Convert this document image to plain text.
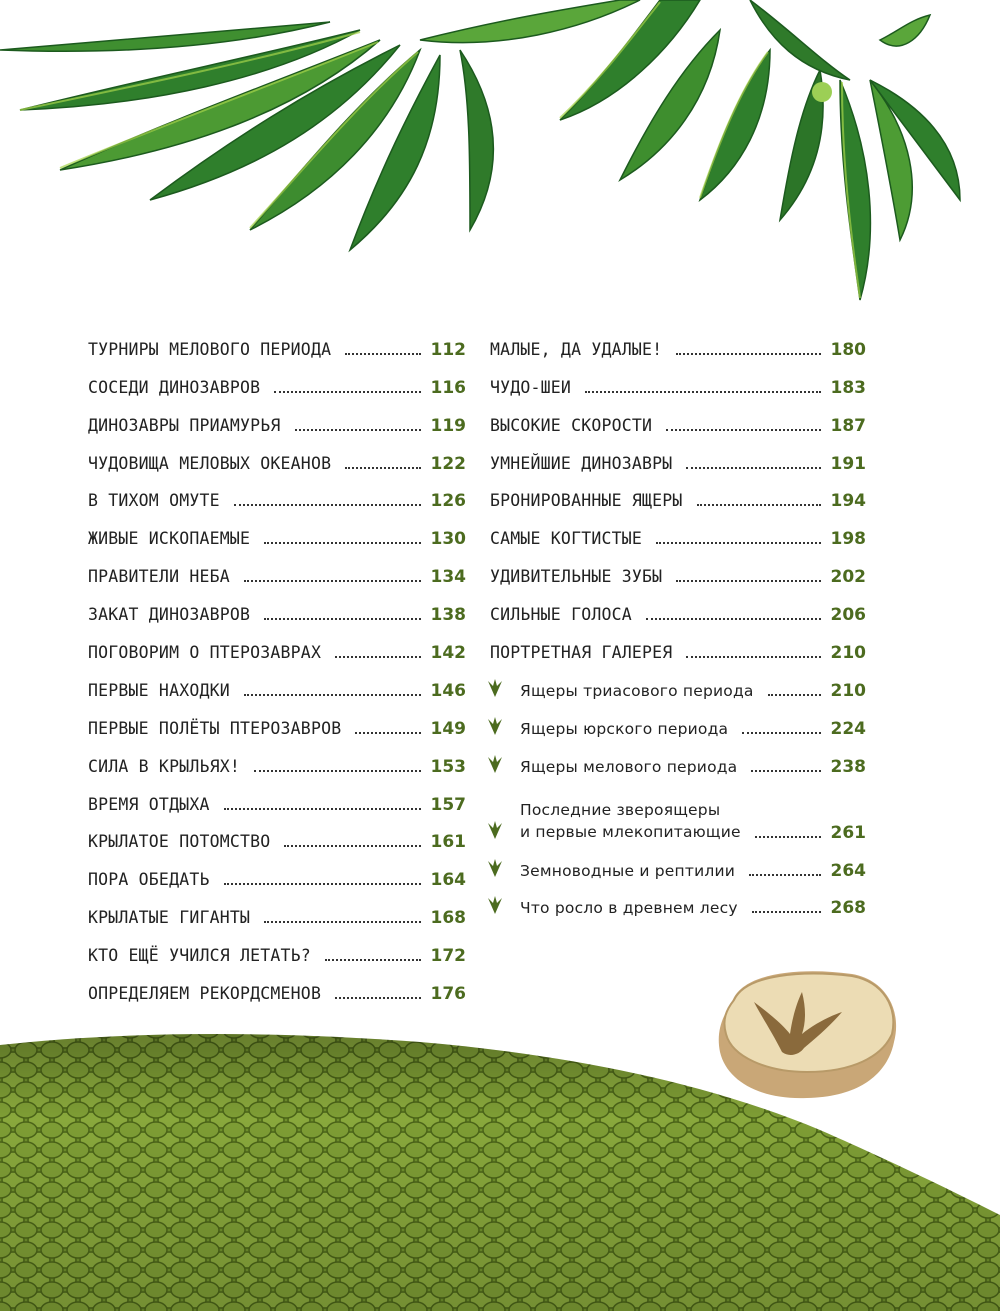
ТУРНИРЫ МЕЛОВОГО ПЕРИОДА	112
СОСЕДИ ДИНОЗАВРОВ	116
ДИНОЗАВРЫ ПРИАМУРЬЯ	119
ЧУДОВИЩА МЕЛОВЫХ ОКЕАНОВ	122
В ТИХОМ ОМУТЕ	126
ЖИВЫЕ ИСКОПАЕМЫЕ	130
ПРАВИТЕЛИ НЕБА	134
ЗАКАТ ДИНОЗАВРОВ	138
ПОГОВОРИМ О ПТЕРОЗАВРАХ	142
ПЕРВЫЕ НАХОДКИ	146
ПЕРВЫЕ ПОЛЁТЫ ПТЕРОЗАВРОВ	149
СИЛА В КРЫЛЬЯХ!	153
ВРЕМЯ ОТДЫХА	157
КРЫЛАТОЕ ПОТОМСТВО	161
ПОРА ОБЕДАТЬ	164
КРЫЛАТЫЕ ГИГАНТЫ	168
КТО ЕЩЁ УЧИЛСЯ ЛЕТАТЬ?	172
ОПРЕДЕЛЯЕМ РЕКОРДСМЕНОВ	176
МАЛЫЕ, ДА УДАЛЫЕ!	180
ЧУДО-ШЕИ	183
ВЫСОКИЕ СКОРОСТИ	187
УМНЕЙШИЕ ДИНОЗАВРЫ	191
БРОНИРОВАННЫЕ ЯЩЕРЫ	194
САМЫЕ КОГТИСТЫЕ	198
УДИВИТЕЛЬНЫЕ ЗУБЫ	202
СИЛЬНЫЕ ГОЛОСА	206
ПОРТРЕТНАЯ ГАЛЕРЕЯ	210
Ящеры триасового периода	210
Ящеры юрского периода	224
Ящеры мелового периода	238
Последние звероящеры
и первые млекопитающие	261
Земноводные и рептилии	264
Что росло в древнем лесу	268
